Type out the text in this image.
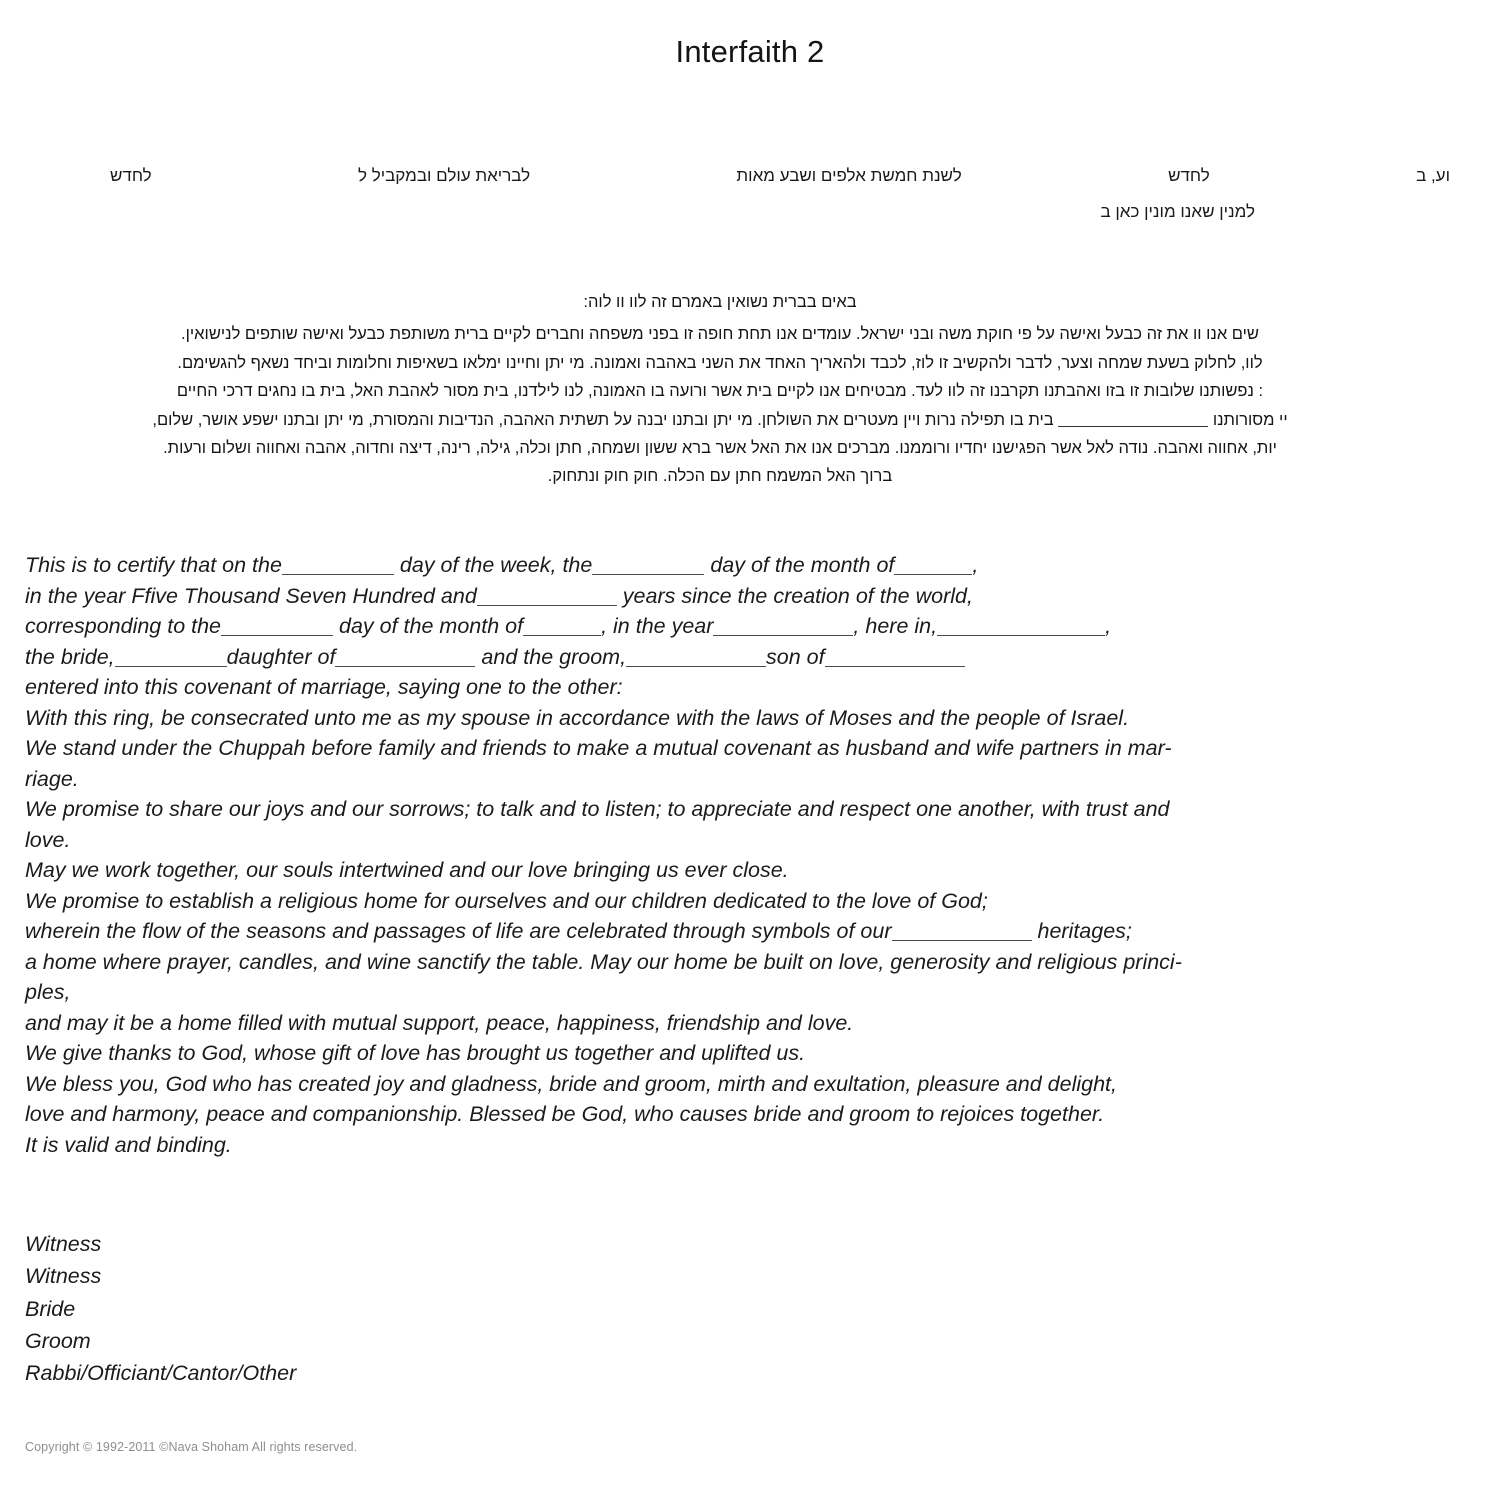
Interfaith 2
וע, ב
לחדש
לשנת חמשת אלפים ושבע מאות
לבריאת עולם ובמקביל ל
לחדש
למנין שאנו מונין כאן ב
באים בברית נשואין באמרם זה לוו וו לוה:
שים אנו וו את זה כבעל ואישה על פי חוקת משה ובני ישראל. עומדים אנו תחת חופה זו בפני משפחה וחברים לקיים ברית משותפת כבעל ואישה שותפים לנישואין.
לוו, לחלוק בשעת שמחה וצער, לדבר ולהקשיב זו לוז, לכבד ולהאריך האחד את השני באהבה ואמונה. מי יתן וחיינו ימלאו בשאיפות וחלומות וביחד נשאף להגשימם.
: נפשותנו שלובות זו בזו ואהבתנו תקרבנו זה לוו לעד. מבטיחים אנו לקיים בית אשר ורועה בו האמונה, לנו לילדנו, בית מסור לאהבת האל, בית בו נחגים דרכי החיים
יי מסורותנו  בית בו תפילה נרות ויין מעטרים את השולחן. מי יתן ובתנו יבנה על תשתית האהבה, הנדיבות והמסורת, מי יתן ובתנו ישפע אושר, שלום,
יות, אחווה ואהבה. נודה לאל אשר הפגישנו יחדיו ורוממנו. מברכים אנו את האל אשר ברא ששון ושמחה, חתן וכלה, גילה, רינה, דיצה וחדוה, אהבה ואחווה ושלום ורעות.
ברוך האל המשמח חתן עם הכלה. חוק חוק ונתחוק.

This is to certify that on the	day of the week, the	day of the month of	,

in the year Ffive Thousand Seven Hundred and	years since the creation of the world,

corresponding to the	day of the month of	, in the year	, here in,	,

the bride,	daughter of	and the groom,	son of

entered into this covenant of marriage, saying one to the other:

With this ring, be consecrated unto me as my spouse in accordance with the laws of Moses and the people of Israel.

We stand under the Chuppah before family and friends to make a mutual covenant as husband and wife partners in mar-

riage.

We promise to share our joys and our sorrows; to talk and to listen; to appreciate and respect one another, with trust and

love.

May we work together, our souls intertwined and our love bringing us ever close.

We promise to establish a religious home for ourselves and our children dedicated to the love of God;

wherein the flow of the seasons and passages of life are celebrated through symbols of our	heritages;

a home where prayer, candles, and wine sanctify the table. May our home be built on love, generosity and religious princi-

ples,

and may it be a home filled with mutual support, peace, happiness, friendship and love.

We give thanks to God, whose gift of love has brought us together and uplifted us.

We bless you, God who has created joy and gladness, bride and groom, mirth and exultation, pleasure and delight,

love and harmony, peace and companionship. Blessed be God, who causes bride and groom to rejoices together.

It is valid and binding.

Witness
Witness
Bride
Groom
Rabbi/Officiant/Cantor/Other
Copyright © 1992-2011 ©Nava Shoham All rights reserved.
